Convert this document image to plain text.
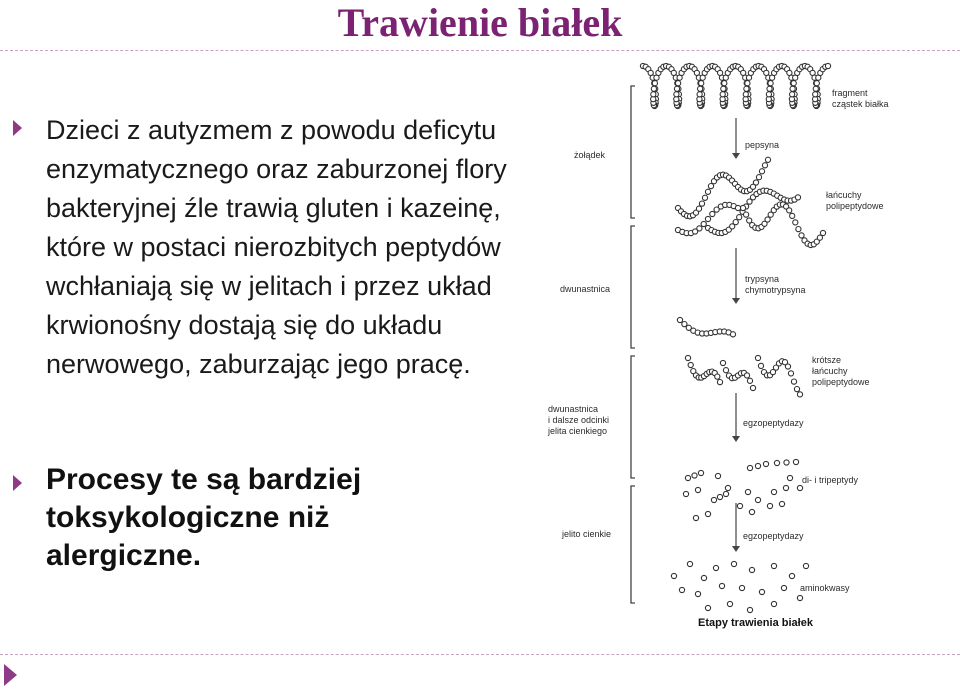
Trawienie białek

Dzieci z autyzmem z powodu deficytu enzymatycznego oraz zaburzonej flory bakteryjnej źle trawią gluten i kazeinę, które w postaci nierozbitych peptydów wchłaniają się w jelitach i przez układ krwionośny dostają się do układu nerwowego, zaburzając jego pracę.

Procesy te są bardziej toksykologiczne niż alergiczne.

żołądek

dwunastnica

dwunastnica
i dalsze odcinki
jelita cienkiego

jelito cienkie

pepsyna

trypsyna
chymotrypsyna

egzopeptydazy

egzopeptydazy

fragment
cząstek białka

łańcuchy
polipeptydowe

krótsze
łańcuchy
polipeptydowe

di- i tripeptydy

aminokwasy

Etapy trawienia białek
